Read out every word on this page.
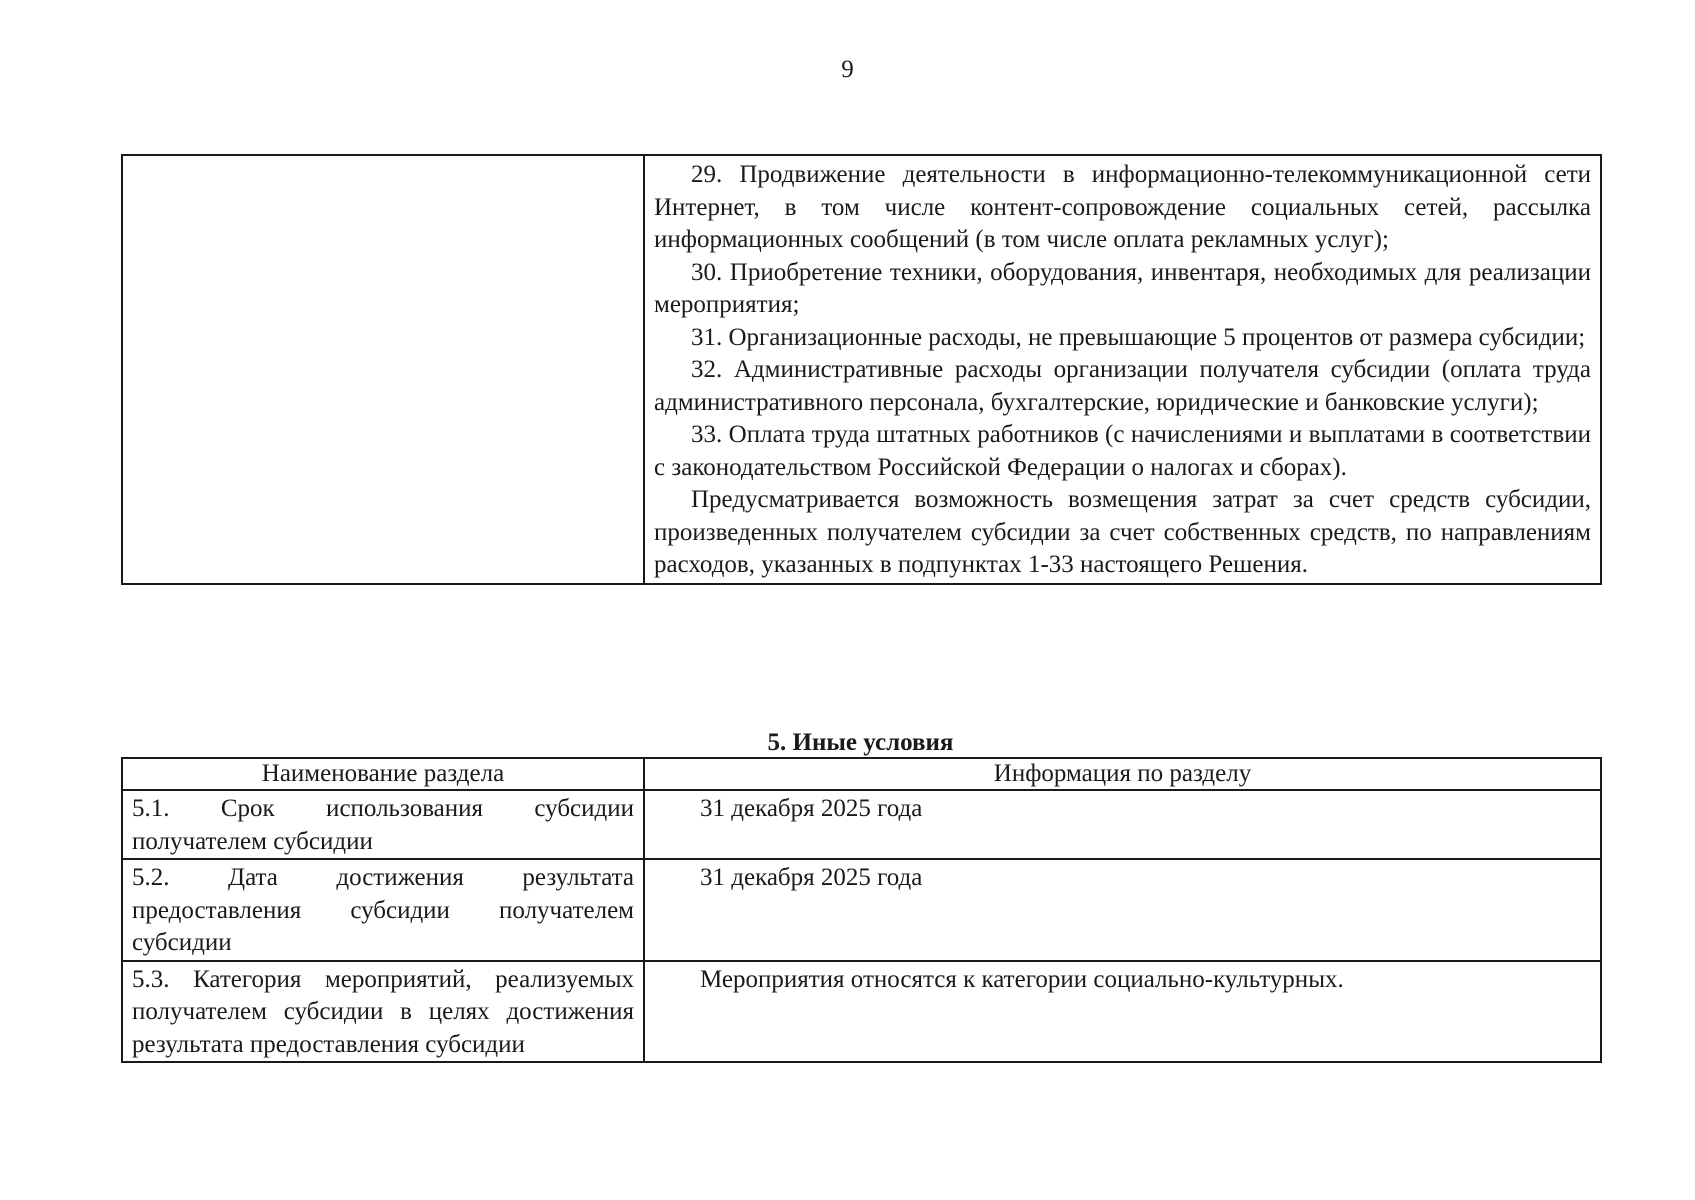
9

29. Продвижение деятельности в информационно-телекоммуникационной сети Интернет, в том числе контент-сопровождение социальных сетей, рассылка информационных сообщений (в том числе оплата рекламных услуг);

30. Приобретение техники, оборудования, инвентаря, необходимых для реализации мероприятия;

31. Организационные расходы, не превышающие 5 процентов от размера субсидии;

32. Административные расходы организации получателя субсидии (оплата труда административного персонала, бухгалтерские, юридические и банковские услуги);

33. Оплата труда штатных работников (с начислениями и выплатами в соответствии с законодательством Российской Федерации о налогах и сборах).

Предусматривается возможность возмещения затрат за счет средств субсидии, произведенных получателем субсидии за счет собственных средств, по направлениям расходов, указанных в подпунктах 1-33 настоящего Решения.

5. Иные условия
Наименование раздела	Информация по разделу
5.1. Срок использования субсидии получателем субсидии	31 декабря 2025 года

5.2. Дата достижения результата предоставления субсидии получателем субсидии	31 декабря 2025 года

5.3. Категория мероприятий, реализуемых получателем субсидии в целях достижения результата предоставления субсидии	Мероприятия относятся к категории социально-культурных.
